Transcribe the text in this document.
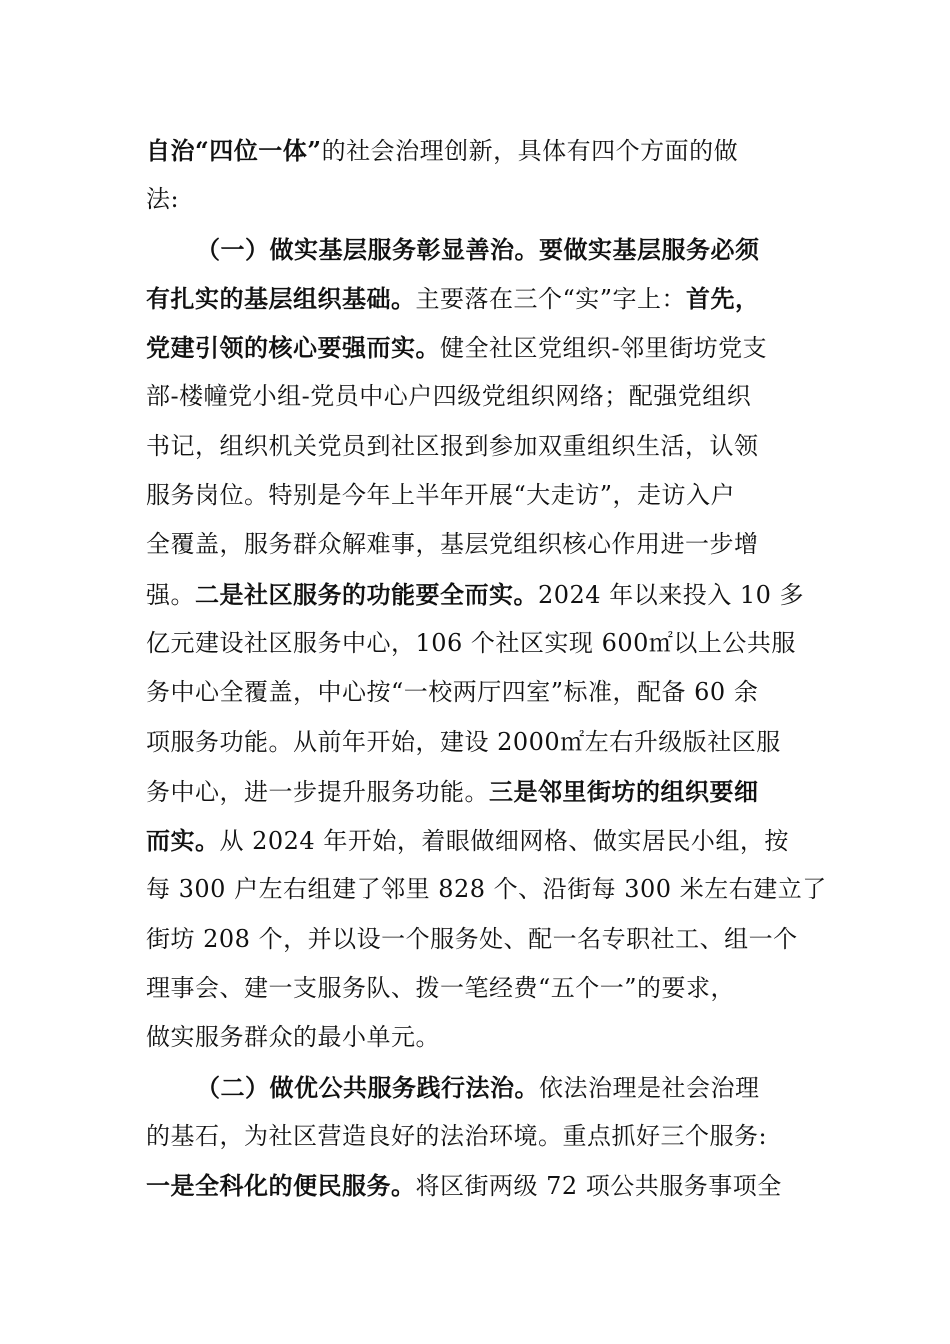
自治“四位一体”的社会治理创新，具体有四个方面的做
法:
（一）做实基层服务彰显善治。要做实基层服务必须
有扎实的基层组织基础。主要落在三个“实”字上：首先，
党建引领的核心要强而实。健全社区党组织-邻里街坊党支
部-楼幢党小组-党员中心户四级党组织网络；配强党组织
书记，组织机关党员到社区报到参加双重组织生活，认领
服务岗位。特别是今年上半年开展“大走访”，走访入户
全覆盖，服务群众解难事，基层党组织核心作用进一步增
强。二是社区服务的功能要全而实。2024 年以来投入 10 多
亿元建设社区服务中心，106 个社区实现 600㎡以上公共服
务中心全覆盖，中心按“一校两厅四室”标准，配备 60 余
项服务功能。从前年开始，建设 2000㎡左右升级版社区服
务中心，进一步提升服务功能。三是邻里街坊的组织要细
而实。从 2024 年开始，着眼做细网格、做实居民小组，按
每 300 户左右组建了邻里 828 个、沿街每 300 米左右建立了
街坊 208 个，并以设一个服务处、配一名专职社工、组一个
理事会、建一支服务队、拨一笔经费“五个一”的要求，
做实服务群众的最小单元。
（二）做优公共服务践行法治。依法治理是社会治理
的基石，为社区营造良好的法治环境。重点抓好三个服务:
一是全科化的便民服务。将区街两级 72 项公共服务事项全
